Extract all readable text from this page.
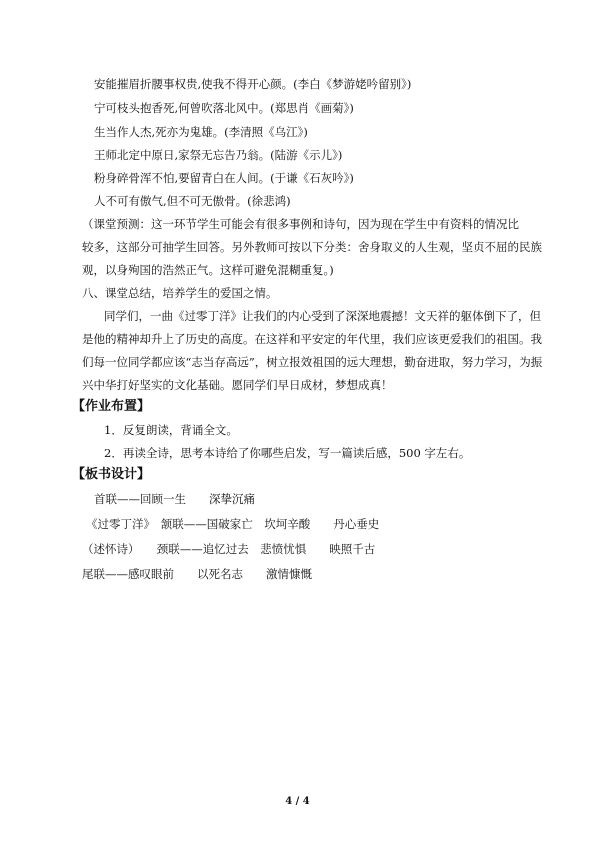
安能摧眉折腰事权贵,使我不得开心颜。(李白《梦游姥吟留别》)
宁可枝头抱香死,何曾吹落北风中。(郑思肖《画菊》)
生当作人杰,死亦为鬼雄。(李清照《乌江》)
王师北定中原日,家祭无忘告乃翁。(陆游《示儿》)
粉身碎骨浑不怕,要留青白在人间。(于谦《石灰吟》)
人不可有傲气,但不可无傲骨。(徐悲鸿)
（课堂预测：这一环节学生可能会有很多事例和诗句，因为现在学生中有资料的情况比
较多，这部分可抽学生回答。另外教师可按以下分类：舍身取义的人生观，坚贞不屈的民族
观，以身殉国的浩然正气。这样可避免混糊重复。)
八、课堂总结，培养学生的爱国之情。
同学们，一曲《过零丁洋》让我们的内心受到了深深地震撼！文天祥的躯体倒下了，但
是他的精神却升上了历史的高度。在这祥和平安定的年代里，我们应该更爱我们的祖国。我
们每一位同学都应该“志当存高远”，树立报效祖国的远大理想，勤奋进取，努力学习，为振
兴中华打好坚实的文化基础。愿同学们早日成材，梦想成真！
【作业布置】
1．反复朗读，背诵全文。
2．再读全诗，思考本诗给了你哪些启发，写一篇读后感，500 字左右。
【板书设计】
首联——回顾一生　　深挚沉痛
《过零丁洋》　颔联——国破家亡　坎坷辛酸　　丹心垂史
（述怀诗）　　颈联——追忆过去　悲愤忧惧　　映照千古
尾联——感叹眼前　　以死名志　　激情慷慨
4 / 4
